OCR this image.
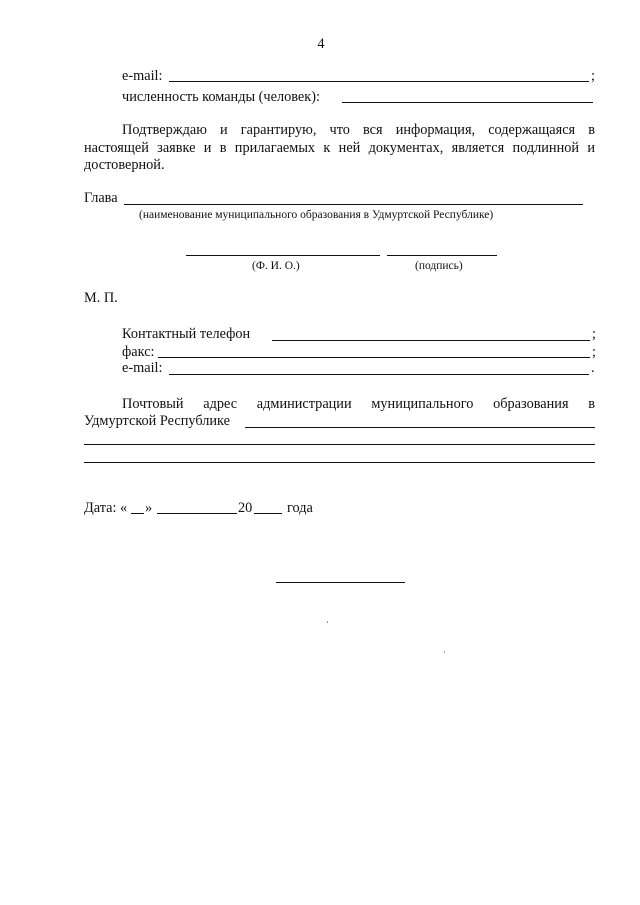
4
e-mail:	;
численность команды (человек):
Подтверждаю и гарантирую, что вся информация, содержащаяся в
настоящей заявке и в прилагаемых к ней документах, является подлинной и
достоверной.
Глава
(наименование муниципального образования в Удмуртской Республике)
(Ф. И. О.)	(подпись)
М. П.
Контактный телефон	;
факс:	;
e-mail:	.
Почтовый адрес администрации муниципального образования в
Удмуртской Республике
Дата: « »	20 года
